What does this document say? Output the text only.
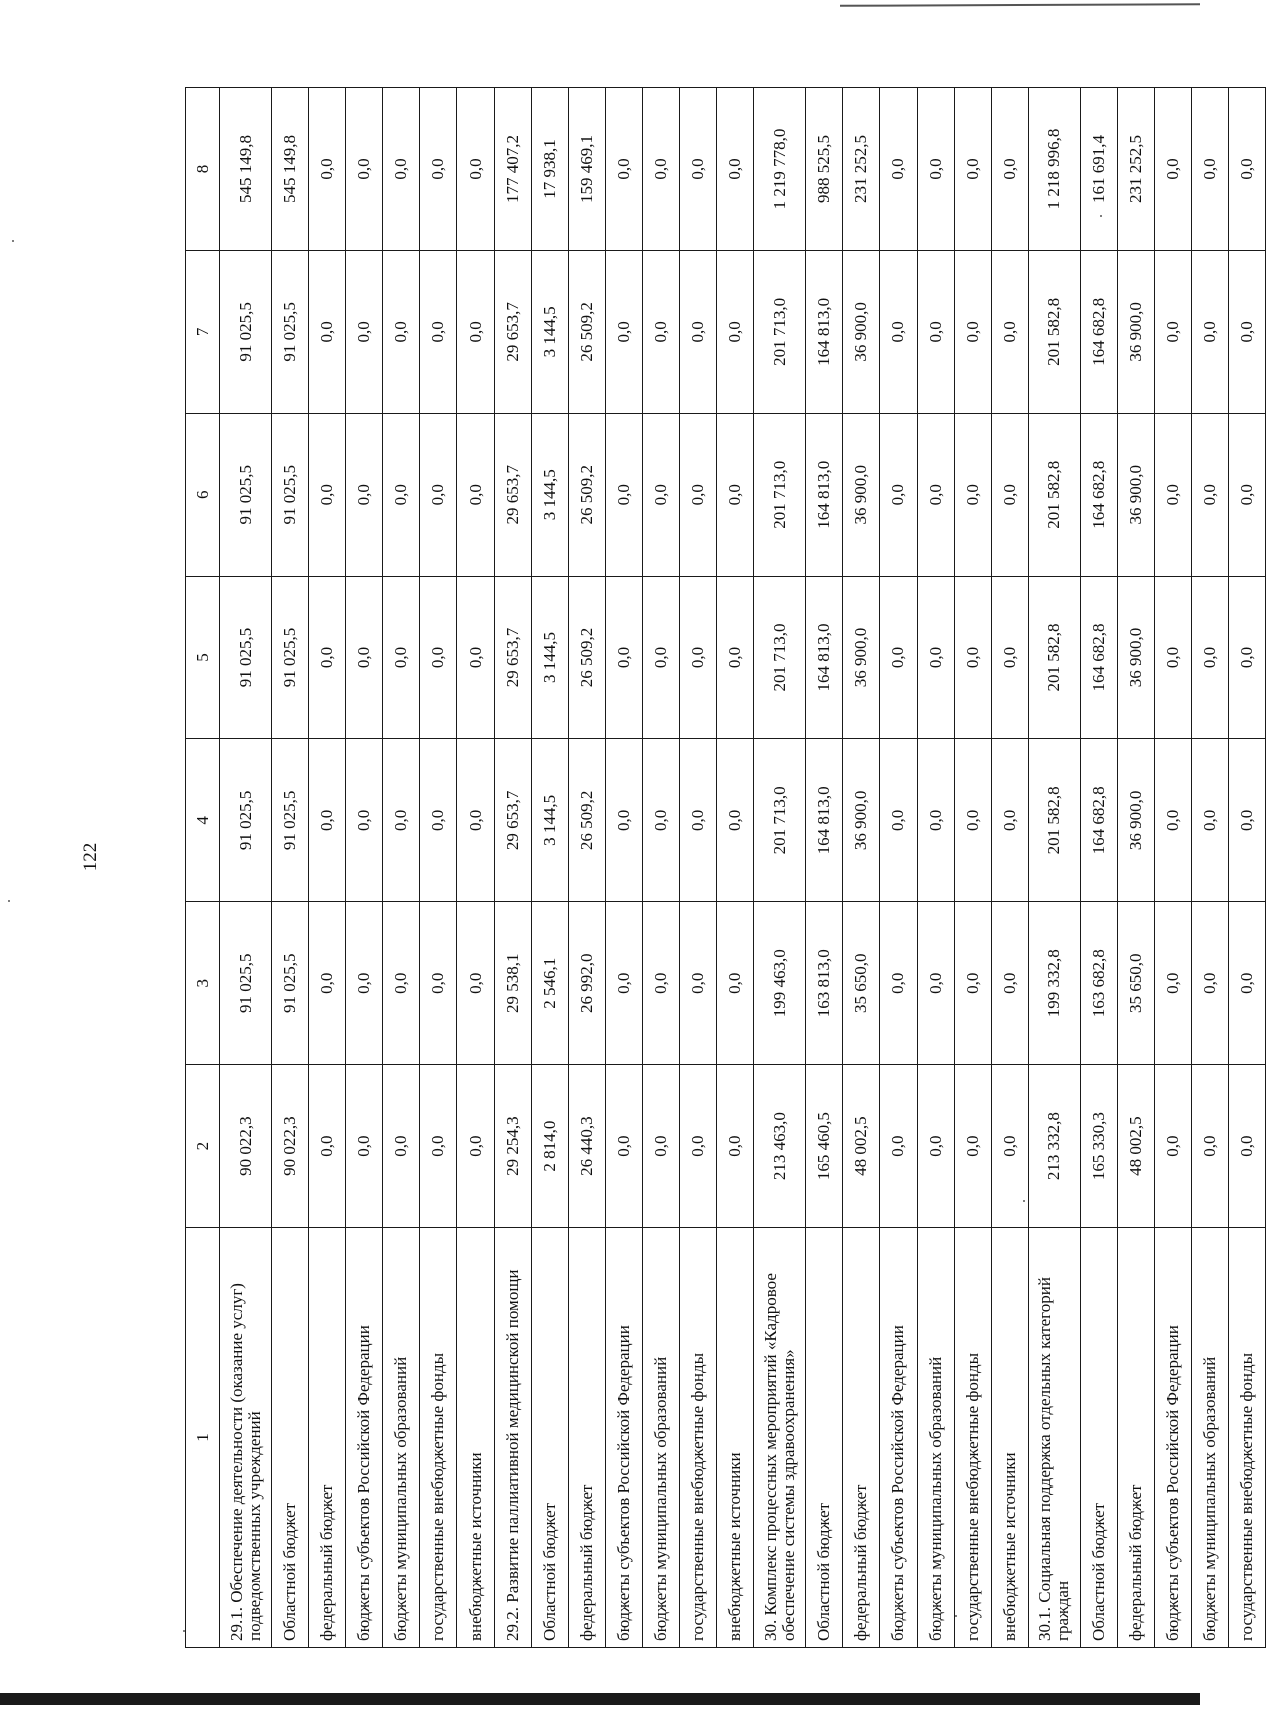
122
1	2	3	4	5	6	7	8
29.1. Обеспечение деятельности (оказание услуг) подведомственных учреждений	90 022,3	91 025,5	91 025,5	91 025,5	91 025,5	91 025,5	545 149,8
Областной бюджет	90 022,3	91 025,5	91 025,5	91 025,5	91 025,5	91 025,5	545 149,8
федеральный бюджет	0,0	0,0	0,0	0,0	0,0	0,0	0,0
бюджеты субъектов Российской Федерации	0,0	0,0	0,0	0,0	0,0	0,0	0,0
бюджеты муниципальных образований	0,0	0,0	0,0	0,0	0,0	0,0	0,0
государственные внебюджетные фонды	0,0	0,0	0,0	0,0	0,0	0,0	0,0
внебюджетные источники	0,0	0,0	0,0	0,0	0,0	0,0	0,0
29.2. Развитие паллиативной медицинской помощи	29 254,3	29 538,1	29 653,7	29 653,7	29 653,7	29 653,7	177 407,2
Областной бюджет	2 814,0	2 546,1	3 144,5	3 144,5	3 144,5	3 144,5	17 938,1
федеральный бюджет	26 440,3	26 992,0	26 509,2	26 509,2	26 509,2	26 509,2	159 469,1
бюджеты субъектов Российской Федерации	0,0	0,0	0,0	0,0	0,0	0,0	0,0
бюджеты муниципальных образований	0,0	0,0	0,0	0,0	0,0	0,0	0,0
государственные внебюджетные фонды	0,0	0,0	0,0	0,0	0,0	0,0	0,0
внебюджетные источники	0,0	0,0	0,0	0,0	0,0	0,0	0,0
30. Комплекс процессных мероприятий «Кадровое обеспечение системы здравоохранения»	213 463,0	199 463,0	201 713,0	201 713,0	201 713,0	201 713,0	1 219 778,0
Областной бюджет	165 460,5	163 813,0	164 813,0	164 813,0	164 813,0	164 813,0	988 525,5
федеральный бюджет	48 002,5	35 650,0	36 900,0	36 900,0	36 900,0	36 900,0	231 252,5
бюджеты субъектов Российской Федерации	0,0	0,0	0,0	0,0	0,0	0,0	0,0
бюджеты муниципальных образований	0,0	0,0	0,0	0,0	0,0	0,0	0,0
государственные внебюджетные фонды	0,0	0,0	0,0	0,0	0,0	0,0	0,0
внебюджетные источники	0,0	0,0	0,0	0,0	0,0	0,0	0,0
30.1. Социальная поддержка отдельных категорий граждан	213 332,8	199 332,8	201 582,8	201 582,8	201 582,8	201 582,8	1 218 996,8
Областной бюджет	165 330,3	163 682,8	164 682,8	164 682,8	164 682,8	164 682,8	161 691,4
федеральный бюджет	48 002,5	35 650,0	36 900,0	36 900,0	36 900,0	36 900,0	231 252,5
бюджеты субъектов Российской Федерации	0,0	0,0	0,0	0,0	0,0	0,0	0,0
бюджеты муниципальных образований	0,0	0,0	0,0	0,0	0,0	0,0	0,0
государственные внебюджетные фонды	0,0	0,0	0,0	0,0	0,0	0,0	0,0
